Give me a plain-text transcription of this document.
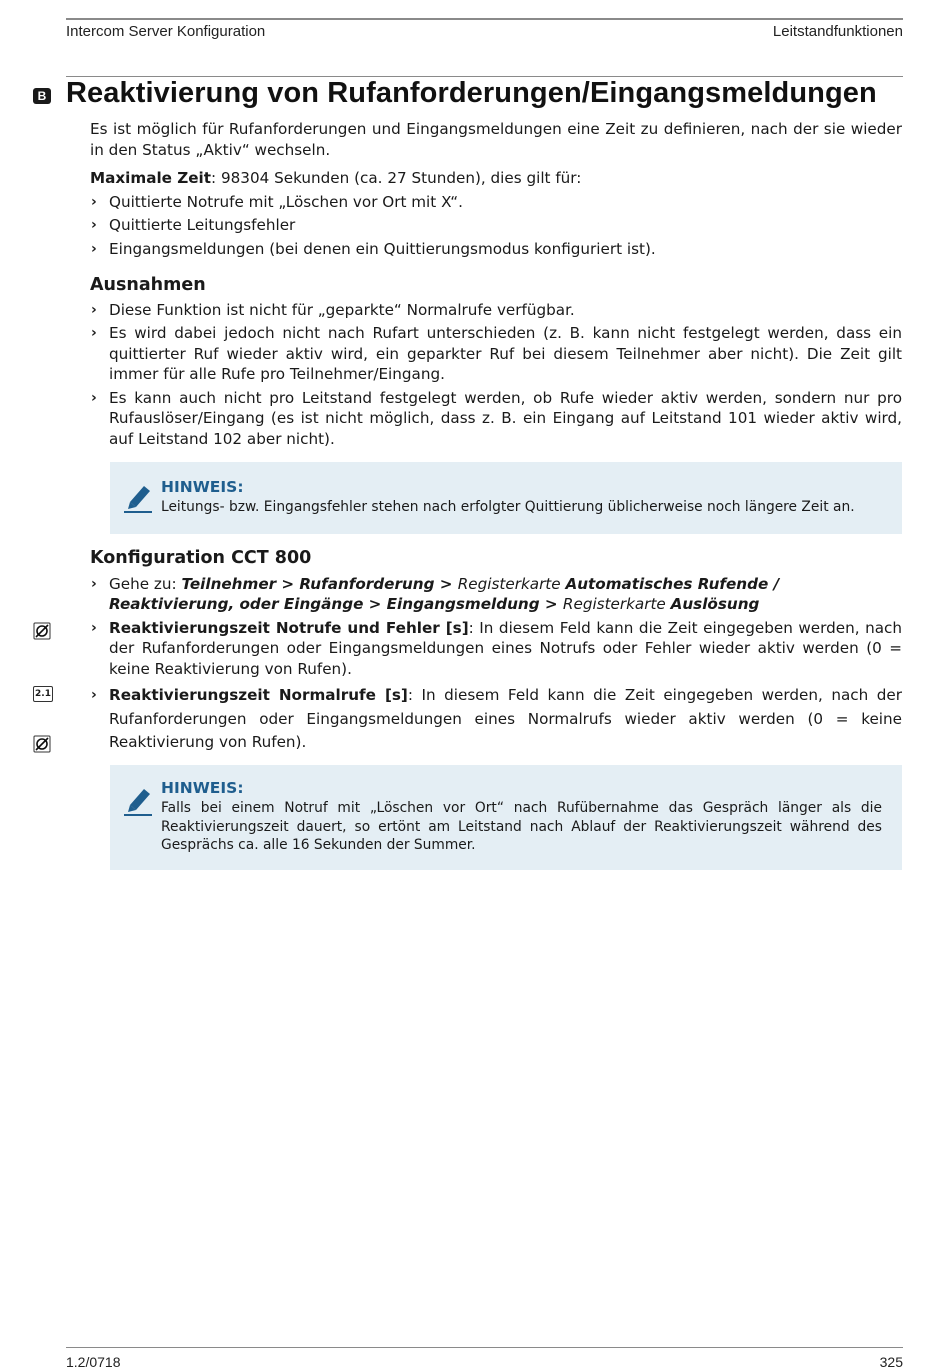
Intercom Server Konfiguration	Leitstandfunktionen
B Reaktivierung von Rufanforderungen/Eingangsmeldungen

Es ist möglich für Rufanforderungen und Eingangsmeldungen eine Zeit zu definieren, nach der sie wieder in den Status „Aktiv“ wechseln.

Maximale Zeit: 98304 Sekunden (ca. 27 Stunden), dies gilt für:

› Quittierte Notrufe mit „Löschen vor Ort mit X“.
› Quittierte Leitungsfehler
› Eingangsmeldungen (bei denen ein Quittierungsmodus konfiguriert ist).
Ausnahmen
› Diese Funktion ist nicht für „geparkte“ Normalrufe verfügbar.
› Es wird dabei jedoch nicht nach Rufart unterschieden (z. B. kann nicht festgelegt werden, dass ein quittierter Ruf wieder aktiv wird, ein geparkter Ruf bei diesem Teilnehmer aber nicht). Die Zeit gilt immer für alle Rufe pro Teilnehmer/Eingang.
› Es kann auch nicht pro Leitstand festgelegt werden, ob Rufe wieder aktiv werden, sondern nur pro Rufauslöser/Eingang (es ist nicht möglich, dass z. B. ein Eingang auf Leitstand 101 wieder aktiv wird, auf Leitstand 102 aber nicht).
HINWEIS:
Leitungs- bzw. Eingangsfehler stehen nach erfolgter Quittierung üblicherweise noch längere Zeit an.
Konfiguration CCT 800
› Gehe zu: Teilnehmer > Rufanforderung > Registerkarte Automatisches Rufende / Reaktivierung, oder Eingänge > Eingangsmeldung > Registerkarte Auslösung
› Reaktivierungszeit Notrufe und Fehler [s]: In diesem Feld kann die Zeit eingegeben werden, nach der Rufanforderungen oder Eingangsmeldungen eines Notrufs oder Fehler wieder aktiv werden (0 = keine Reaktivierung von Rufen).
› Reaktivierungszeit Normalrufe [s]: In diesem Feld kann die Zeit eingegeben werden, nach der Rufanforderungen oder Eingangsmeldungen eines Normalrufs wieder aktiv werden (0 = keine Reaktivierung von Rufen).
2.1
HINWEIS:
Falls bei einem Notruf mit „Löschen vor Ort“ nach Rufübernahme das Gespräch länger als die Reaktivierungszeit dauert, so ertönt am Leitstand nach Ablauf der Reaktivierungszeit während des Gesprächs ca. alle 16 Sekunden der Summer.
1.2/0718	325
